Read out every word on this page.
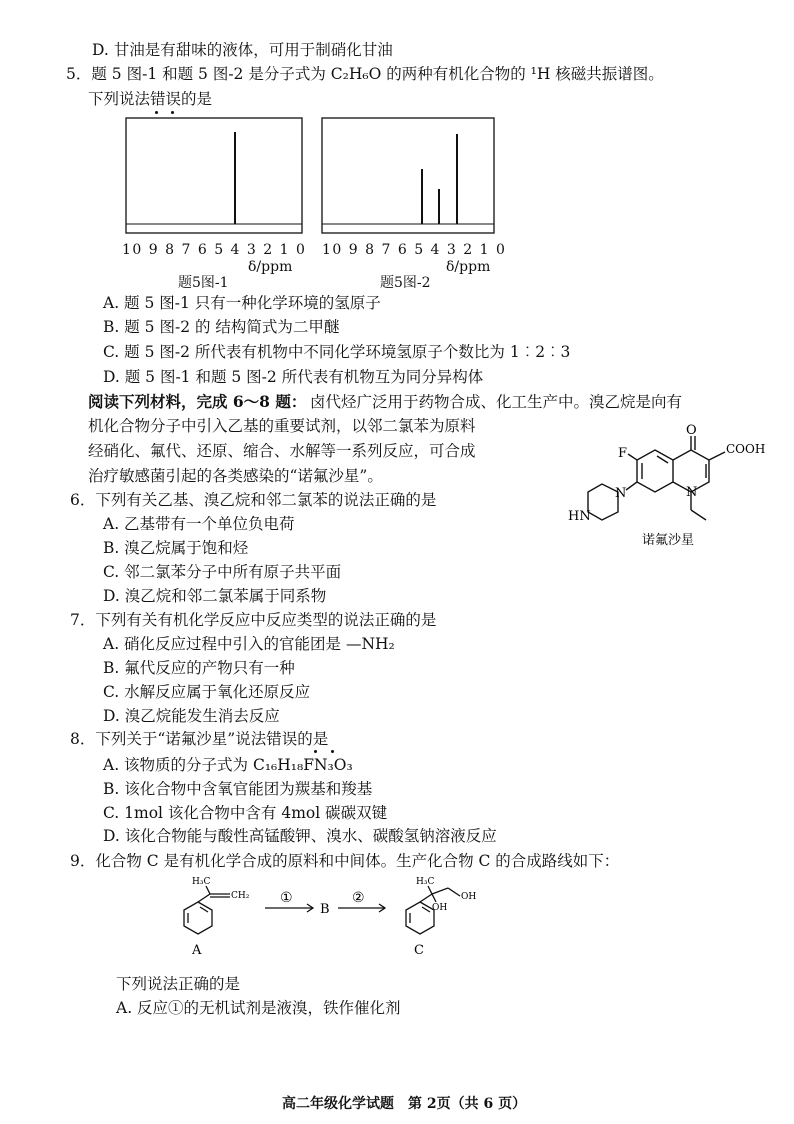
D. 甘油是有甜味的液体，可用于制硝化甘油
5．题 5 图-1 和题 5 图-2 是分子式为 C₂H₆O 的两种有机化合物的 ¹H 核磁共振谱图。
下列说法错误的是
10 9 8 7 6 5 4 3 2 1 0
δ/ppm
题5图-1
10 9 8 7 6 5 4 3 2 1 0
δ/ppm
题5图-2
A. 题 5 图-1 只有一种化学环境的氢原子
B. 题 5 图-2 的 结构简式为二甲醚
C. 题 5 图-2 所代表有机物中不同化学环境氢原子个数比为 1︰2︰3
D. 题 5 图-1 和题 5 图-2 所代表有机物互为同分异构体
阅读下列材料，完成 6～8 题： 卤代烃广泛用于药物合成、化工生产中。溴乙烷是向有
机化合物分子中引入乙基的重要试剂，以邻二氯苯为原料
经硝化、氟代、还原、缩合、水解等一系列反应，可合成
治疗敏感菌引起的各类感染的“诺氟沙星”。
O
F	COOH
N
N
HN
诺氟沙星
6．下列有关乙基、溴乙烷和邻二氯苯的说法正确的是
A. 乙基带有一个单位负电荷
B. 溴乙烷属于饱和烃
C. 邻二氯苯分子中所有原子共平面
D. 溴乙烷和邻二氯苯属于同系物
7．下列有关有机化学反应中反应类型的说法正确的是
A. 硝化反应过程中引入的官能团是 —NH₂
B. 氟代反应的产物只有一种
C. 水解反应属于氧化还原反应
D. 溴乙烷能发生消去反应
8．下列关于“诺氟沙星”说法错误的是
A. 该物质的分子式为 C₁₆H₁₈FN₃O₃
B. 该化合物中含氧官能团为羰基和羧基
C. 1mol 该化合物中含有 4mol 碳碳双键
D. 该化合物能与酸性高锰酸钾、溴水、碳酸氢钠溶液反应
9．化合物 C 是有机化学合成的原料和中间体。生产化合物 C 的合成路线如下：
H₃C
CH₂
A
①
B
②
H₃C
OH
OH
C
下列说法正确的是
A. 反应①的无机试剂是液溴，铁作催化剂
高二年级化学试题　第 2页（共 6 页）
